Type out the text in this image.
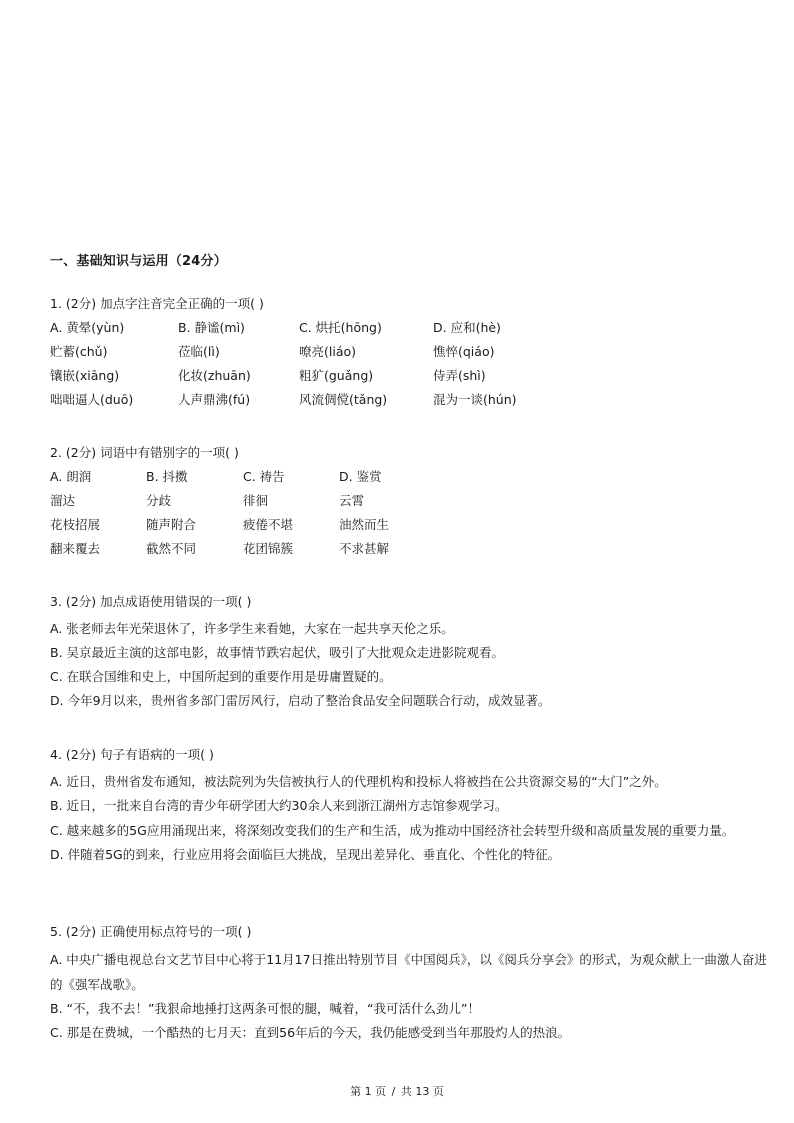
一、基础知识与运用（24分）
1. (2分) 加点字注音完全正确的一项( )
A. 黄晕(yùn)	B. 静谧(mì)	C. 烘托(hōng)	D. 应和(hè)
贮蓄(chǔ)	莅临(lì)	嘹亮(liáo)	憔悴(qiáo)
镶嵌(xiāng)	化妆(zhuān)	粗犷(guǎng)	侍弄(shì)
咄咄逼人(duō)	人声鼎沸(fú)	风流倜傥(tǎng)	混为一谈(hún)
2. (2分) 词语中有错别字的一项( )
A. 朗润	B. 抖擞	C. 祷告	D. 鉴赏
溜达	分歧	徘徊	云霄
花枝招展	随声附合	疲倦不堪	油然而生
翻来覆去	截然不同	花团锦簇	不求甚解
3. (2分) 加点成语使用错误的一项( )
A. 张老师去年光荣退休了，许多学生来看她，大家在一起共享天伦之乐。
B. 吴京最近主演的这部电影，故事情节跌宕起伏，吸引了大批观众走进影院观看。
C. 在联合国维和史上，中国所起到的重要作用是毋庸置疑的。
D. 今年9月以来，贵州省多部门雷厉风行，启动了整治食品安全问题联合行动，成效显著。
4. (2分) 句子有语病的一项( )
A. 近日，贵州省发布通知，被法院列为失信被执行人的代理机构和投标人将被挡在公共资源交易的“大门”之外。
B. 近日，一批来自台湾的青少年研学团大约30余人来到浙江湖州方志馆参观学习。
C. 越来越多的5G应用涌现出来，将深刻改变我们的生产和生活，成为推动中国经济社会转型升级和高质量发展的重要力量。
D. 伴随着5G的到来，行业应用将会面临巨大挑战，呈现出差异化、垂直化、个性化的特征。
5. (2分) 正确使用标点符号的一项( )
A. 中央广播电视总台文艺节目中心将于11月17日推出特别节目《中国阅兵》，以《阅兵分享会》的形式，为观众献上一曲激人奋进的《强军战歌》。
B. “不，我不去！”我狠命地捶打这两条可恨的腿，喊着，“我可活什么劲儿”！
C. 那是在费城，一个酷热的七月天：直到56年后的今天，我仍能感受到当年那股灼人的热浪。
第 1 页 / 共 13 页
